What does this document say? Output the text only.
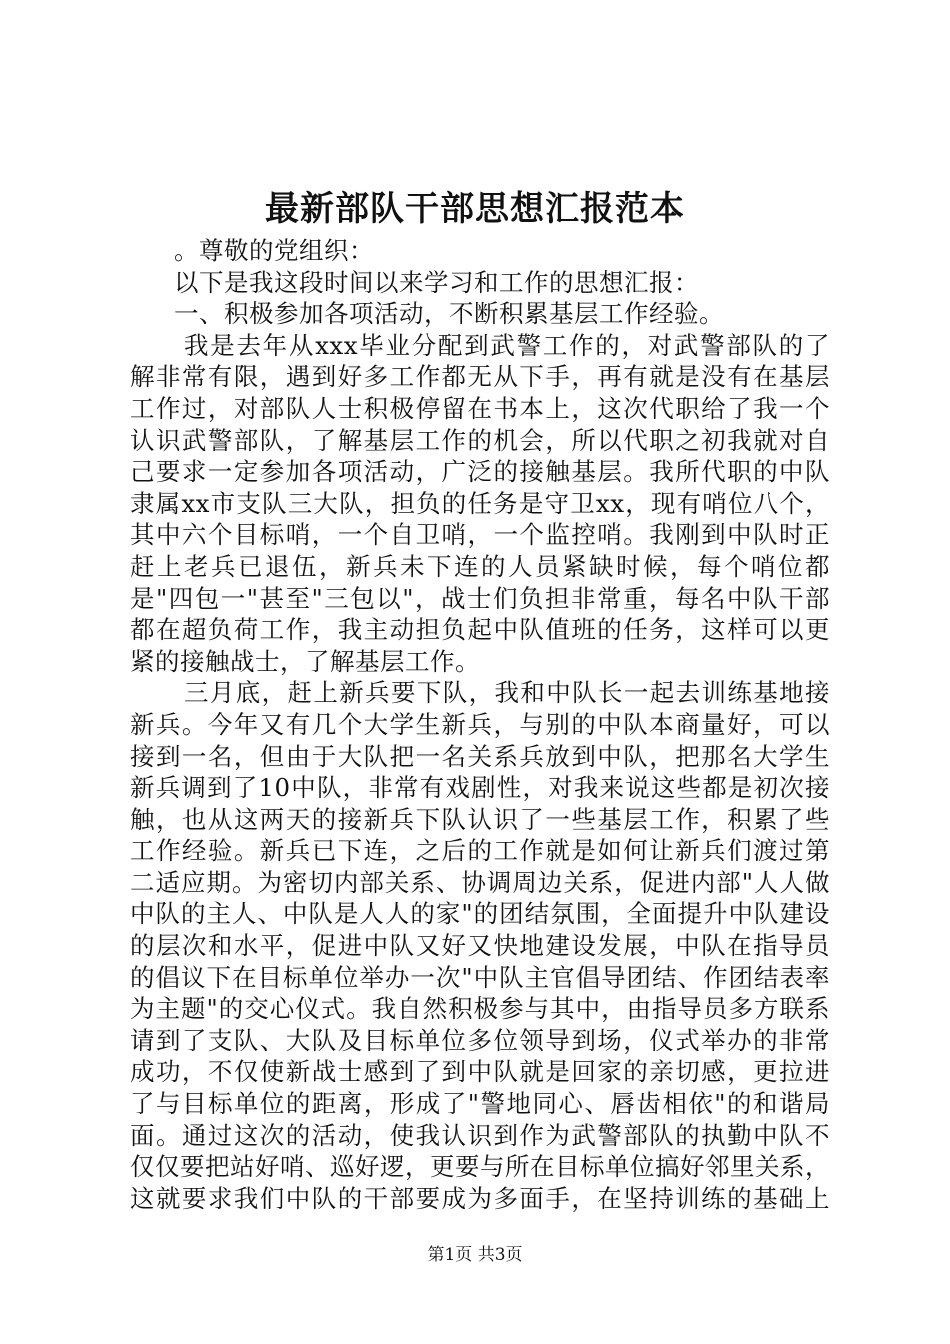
最新部队干部思想汇报范本
。尊敬的党组织：
以下是我这段时间以来学习和工作的思想汇报：
一、积极参加各项活动，不断积累基层工作经验。
我是去年从xxx毕业分配到武警工作的，对武警部队的了
解非常有限，遇到好多工作都无从下手，再有就是没有在基层
工作过，对部队人士积极停留在书本上，这次代职给了我一个
认识武警部队，了解基层工作的机会，所以代职之初我就对自
己要求一定参加各项活动，广泛的接触基层。我所代职的中队
隶属xx市支队三大队，担负的任务是守卫xx，现有哨位八个，
其中六个目标哨，一个自卫哨，一个监控哨。我刚到中队时正
赶上老兵已退伍，新兵未下连的人员紧缺时候，每个哨位都
是"四包一"甚至"三包以"，战士们负担非常重，每名中队干部
都在超负荷工作，我主动担负起中队值班的任务，这样可以更
紧的接触战士，了解基层工作。
三月底，赶上新兵要下队，我和中队长一起去训练基地接
新兵。今年又有几个大学生新兵，与别的中队本商量好，可以
接到一名，但由于大队把一名关系兵放到中队，把那名大学生
新兵调到了10中队，非常有戏剧性，对我来说这些都是初次接
触，也从这两天的接新兵下队认识了一些基层工作，积累了些
工作经验。新兵已下连，之后的工作就是如何让新兵们渡过第
二适应期。为密切内部关系、协调周边关系，促进内部"人人做
中队的主人、中队是人人的家"的团结氛围，全面提升中队建设
的层次和水平，促进中队又好又快地建设发展，中队在指导员
的倡议下在目标单位举办一次"中队主官倡导团结、作团结表率
为主题"的交心仪式。我自然积极参与其中，由指导员多方联系
请到了支队、大队及目标单位多位领导到场，仪式举办的非常
成功，不仅使新战士感到了到中队就是回家的亲切感，更拉进
了与目标单位的距离，形成了"警地同心、唇齿相依"的和谐局
面。通过这次的活动，使我认识到作为武警部队的执勤中队不
仅仅要把站好哨、巡好逻，更要与所在目标单位搞好邻里关系，
这就要求我们中队的干部要成为多面手，在坚持训练的基础上
第1页 共3页
